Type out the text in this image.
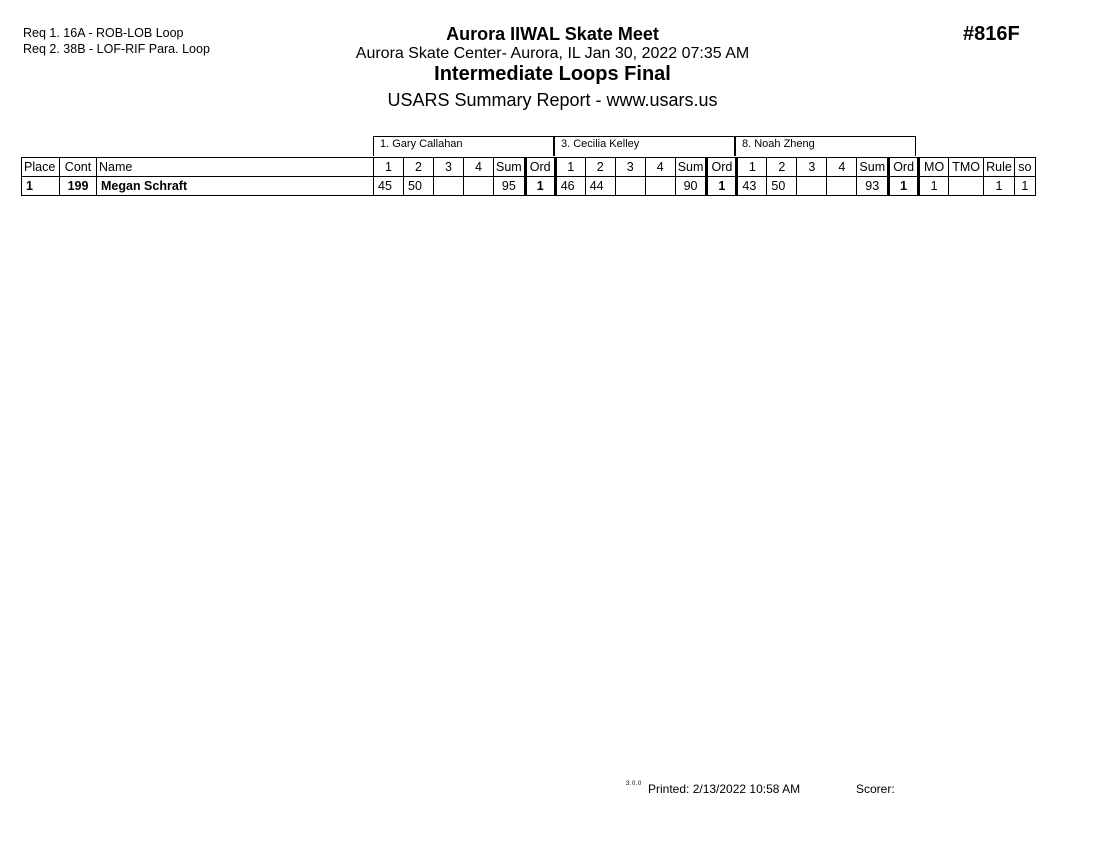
Req 1. 16A - ROB-LOB Loop
Req 2. 38B - LOF-RIF Para. Loop
Aurora IIWAL Skate Meet
Aurora Skate Center- Aurora, IL Jan 30, 2022 07:35 AM
Intermediate Loops Final
USARS Summary Report - www.usars.us
#816F
1. Gary Callahan	3. Cecilia Kelley	8. Noah Zheng
Place	Cont	Name	1	2	3	4	Sum	Ord	1	2	3	4	Sum	Ord	1	2	3	4	Sum	Ord	MO	TMO	Rule	so
1	199	Megan Schraft	45	50			95	1	46	44			90	1	43	50			93	1	1		1	1
3.0.0 Printed: 2/13/2022 10:58 AM	Scorer:
